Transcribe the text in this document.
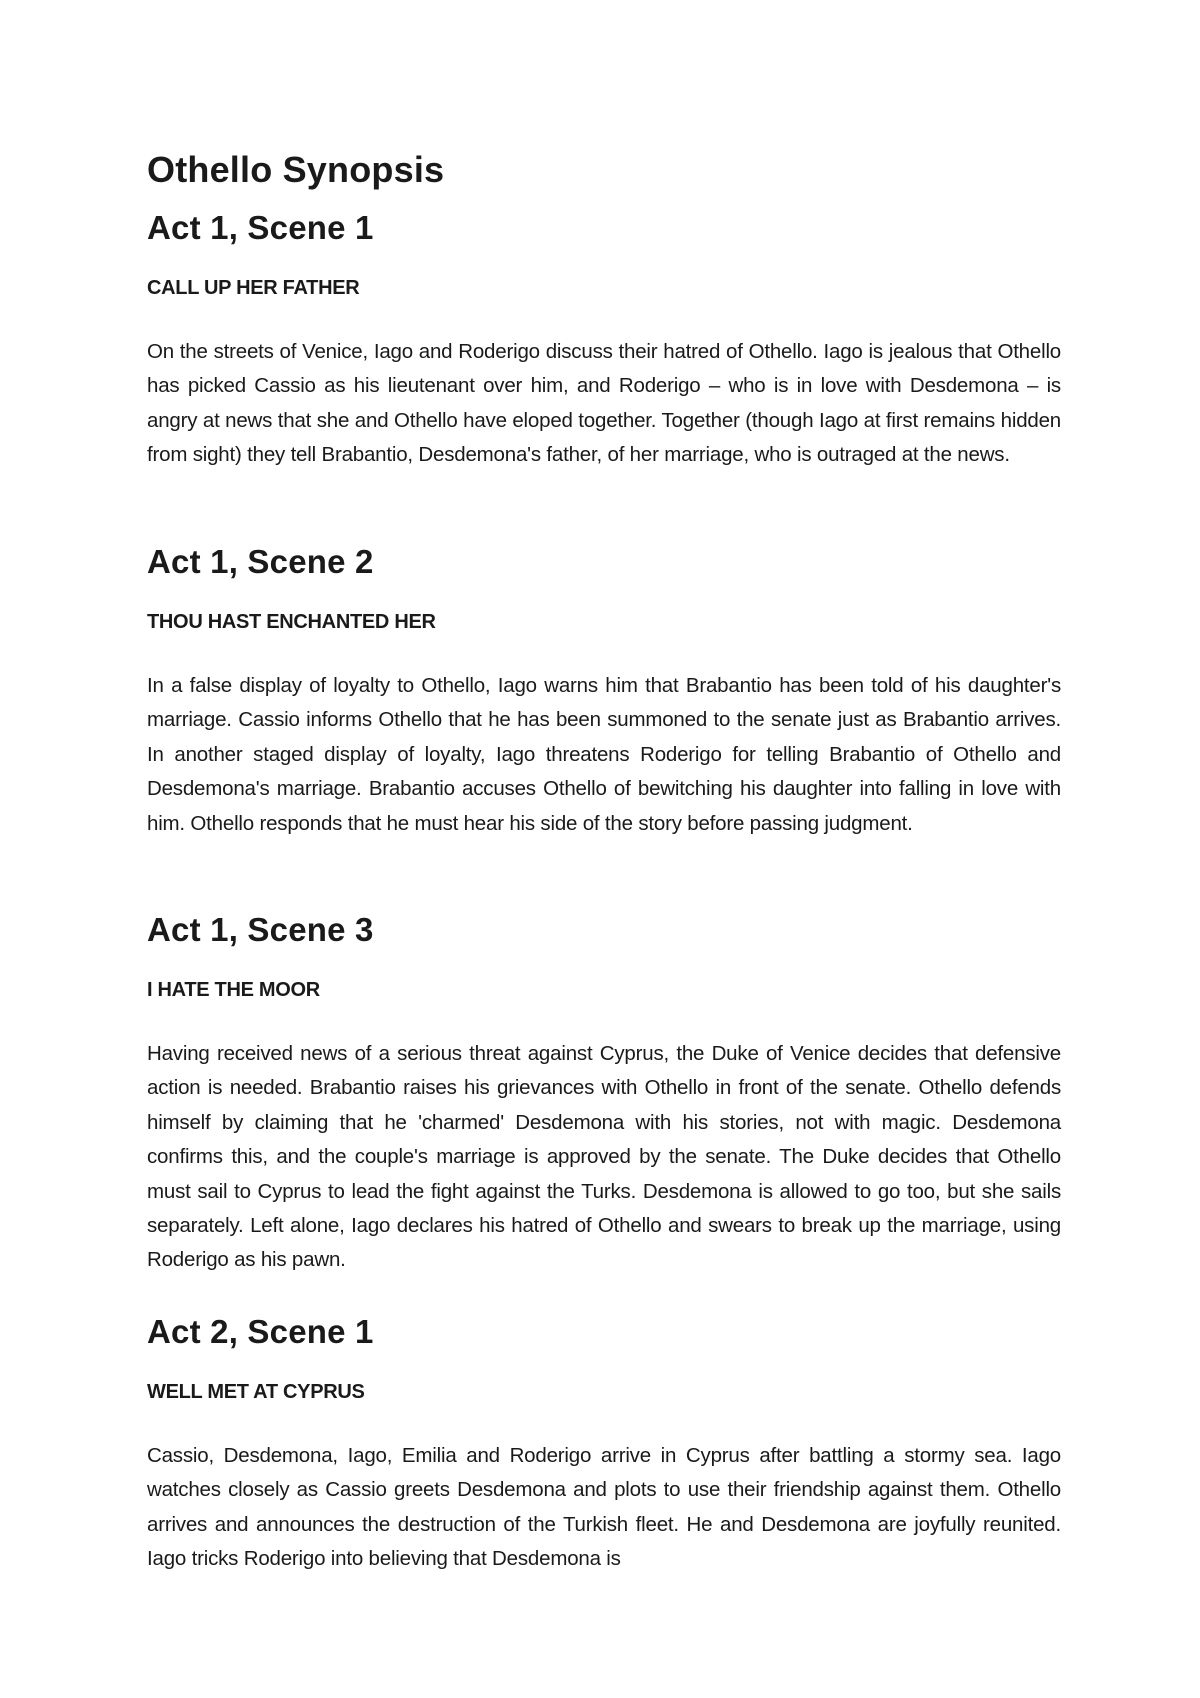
Othello Synopsis
Act 1, Scene 1
CALL UP HER FATHER

On the streets of Venice, Iago and Roderigo discuss their hatred of Othello. Iago is jealous that Othello has picked Cassio as his lieutenant over him, and Roderigo – who is in love with Desdemona – is angry at news that she and Othello have eloped together. Together (though Iago at first remains hidden from sight) they tell Brabantio, Desdemona's father, of her marriage, who is outraged at the news.

Act 1, Scene 2
THOU HAST ENCHANTED HER

In a false display of loyalty to Othello, Iago warns him that Brabantio has been told of his daughter's marriage. Cassio informs Othello that he has been summoned to the senate just as Brabantio arrives. In another staged display of loyalty, Iago threatens Roderigo for telling Brabantio of Othello and Desdemona's marriage. Brabantio accuses Othello of bewitching his daughter into falling in love with him. Othello responds that he must hear his side of the story before passing judgment.

Act 1, Scene 3
I HATE THE MOOR

Having received news of a serious threat against Cyprus, the Duke of Venice decides that defensive action is needed. Brabantio raises his grievances with Othello in front of the senate. Othello defends himself by claiming that he 'charmed' Desdemona with his stories, not with magic. Desdemona confirms this, and the couple's marriage is approved by the senate. The Duke decides that Othello must sail to Cyprus to lead the fight against the Turks. Desdemona is allowed to go too, but she sails separately. Left alone, Iago declares his hatred of Othello and swears to break up the marriage, using Roderigo as his pawn.

Act 2, Scene 1
WELL MET AT CYPRUS

Cassio, Desdemona, Iago, Emilia and Roderigo arrive in Cyprus after battling a stormy sea. Iago watches closely as Cassio greets Desdemona and plots to use their friendship against them. Othello arrives and announces the destruction of the Turkish fleet. He and Desdemona are joyfully reunited. Iago tricks Roderigo into believing that Desdemona is
